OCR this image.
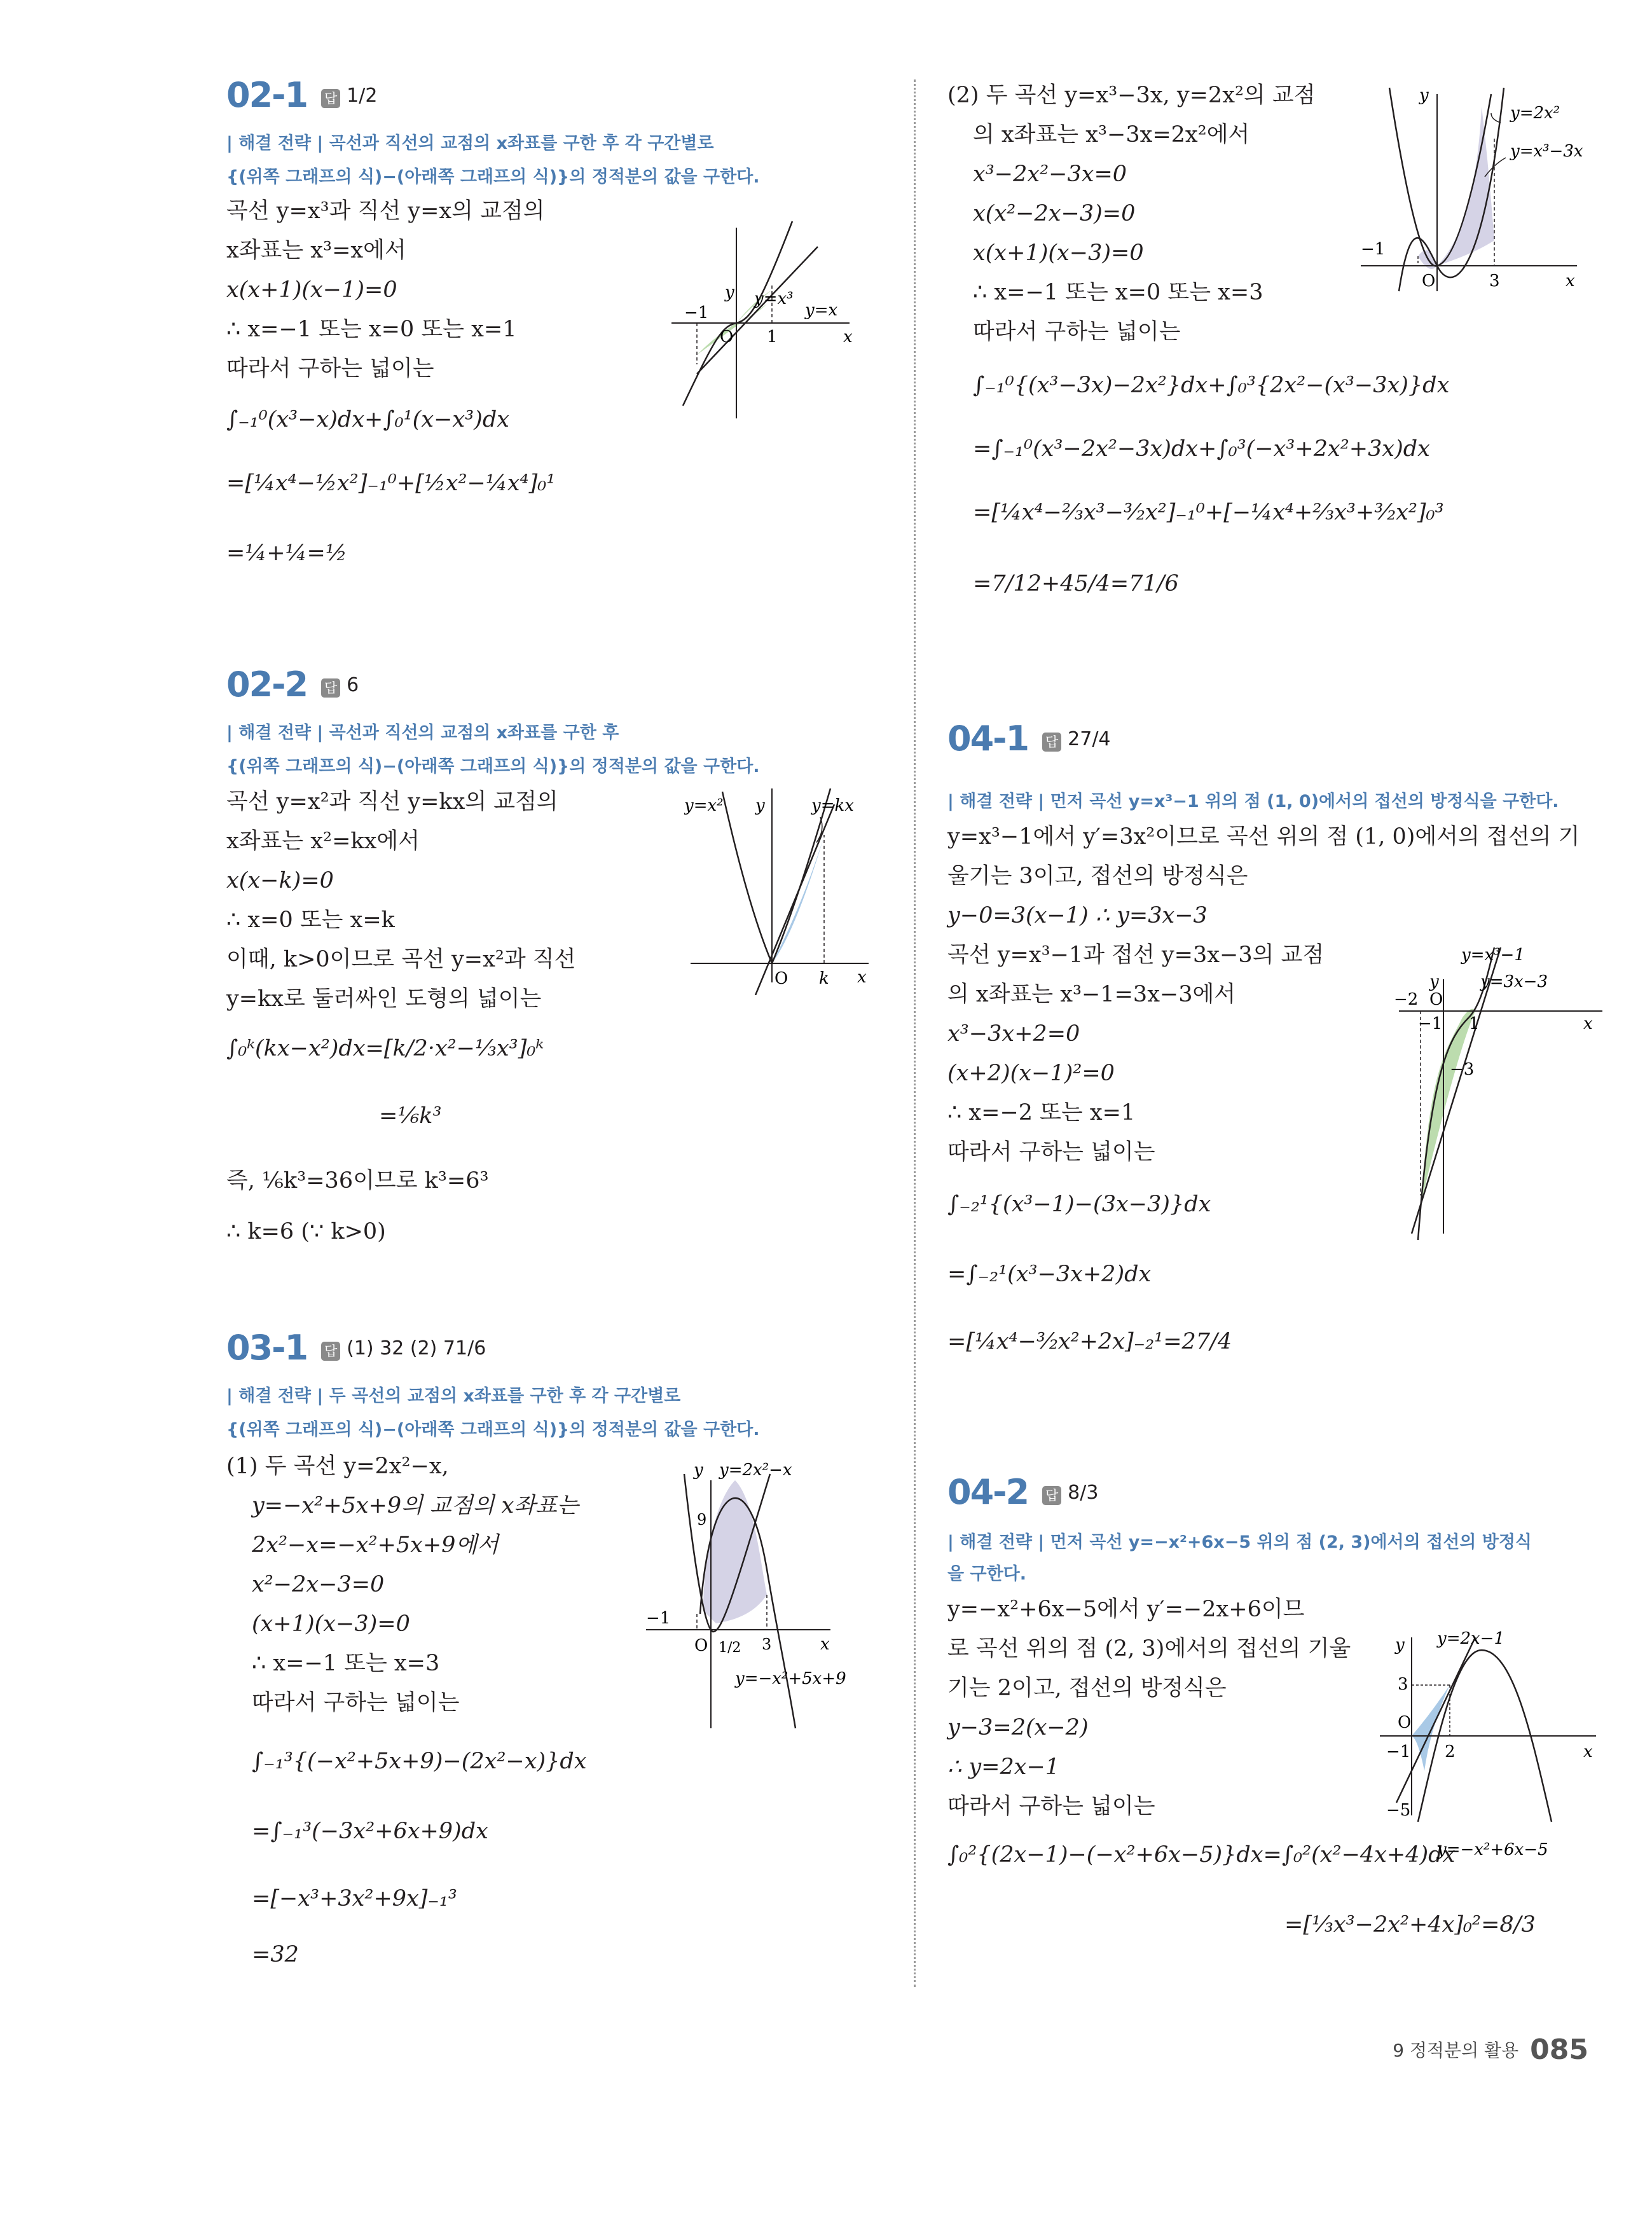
02-1 답 1/2
| 해결 전략 | 곡선과 직선의 교점의 x좌표를 구한 후 각 구간별로
{(위쪽 그래프의 식)−(아래쪽 그래프의 식)}의 정적분의 값을 구한다.
곡선 y=x³과 직선 y=x의 교점의
x좌표는 x³=x에서
x(x+1)(x−1)=0
∴ x=−1 또는 x=0 또는 x=1
따라서 구하는 넓이는
∫₋₁⁰(x³−x)dx+∫₀¹(x−x³)dx
=[¼x⁴−½x²]₋₁⁰+[½x²−¼x⁴]₀¹
=¼+¼=½
y y=x³
y=x
−1
O 1	x
02-2 답 6
| 해결 전략 | 곡선과 직선의 교점의 x좌표를 구한 후
{(위쪽 그래프의 식)−(아래쪽 그래프의 식)}의 정적분의 값을 구한다.
곡선 y=x²과 직선 y=kx의 교점의
x좌표는 x²=kx에서
x(x−k)=0
∴ x=0 또는 x=k
이때, k>0이므로 곡선 y=x²과 직선
y=kx로 둘러싸인 도형의 넓이는
∫₀ᵏ(kx−x²)dx=[k/2·x²−⅓x³]₀ᵏ
=⅙k³
즉, ⅙k³=36이므로 k³=6³
∴ k=6 (∵ k>0)
y=x² y	y=kx
O k x
03-1 답 (1) 32 (2) 71/6
| 해결 전략 | 두 곡선의 교점의 x좌표를 구한 후 각 구간별로
{(위쪽 그래프의 식)−(아래쪽 그래프의 식)}의 정적분의 값을 구한다.
(1) 두 곡선 y=2x²−x,
y=−x²+5x+9의 교점의 x좌표는
2x²−x=−x²+5x+9에서
x²−2x−3=0
(x+1)(x−3)=0
∴ x=−1 또는 x=3
따라서 구하는 넓이는
∫₋₁³{(−x²+5x+9)−(2x²−x)}dx
=∫₋₁³(−3x²+6x+9)dx
=[−x³+3x²+9x]₋₁³
=32
y y=2x²−x
9
−1
O 1/2 3	x
y=−x²+5x+9
(2) 두 곡선 y=x³−3x, y=2x²의 교점
의 x좌표는 x³−3x=2x²에서
x³−2x²−3x=0
x(x²−2x−3)=0
x(x+1)(x−3)=0
∴ x=−1 또는 x=0 또는 x=3
따라서 구하는 넓이는
∫₋₁⁰{(x³−3x)−2x²}dx+∫₀³{2x²−(x³−3x)}dx
=∫₋₁⁰(x³−2x²−3x)dx+∫₀³(−x³+2x²+3x)dx
=[¼x⁴−⅔x³−³⁄₂x²]₋₁⁰+[−¼x⁴+⅔x³+³⁄₂x²]₀³
=7/12+45/4=71/6
y
y=2x²
y=x³−3x
−1
O	3	x
04-1 답 27/4
| 해결 전략 | 먼저 곡선 y=x³−1 위의 점 (1, 0)에서의 접선의 방정식을 구한다.
y=x³−1에서 y′=3x²이므로 곡선 위의 점 (1, 0)에서의 접선의 기
울기는 3이고, 접선의 방정식은
y−0=3(x−1) ∴ y=3x−3
곡선 y=x³−1과 접선 y=3x−3의 교점
의 x좌표는 x³−1=3x−3에서
x³−3x+2=0
(x+2)(x−1)²=0
∴ x=−2 또는 x=1
따라서 구하는 넓이는
∫₋₂¹{(x³−1)−(3x−3)}dx
=∫₋₂¹(x³−3x+2)dx
=[¼x⁴−³⁄₂x²+2x]₋₂¹=27/4
y=x³−1
y	y=3x−3
−2 O
−1 1	x
−3
04-2 답 8/3
| 해결 전략 | 먼저 곡선 y=−x²+6x−5 위의 점 (2, 3)에서의 접선의 방정식
을 구한다.
y=−x²+6x−5에서 y′=−2x+6이므
로 곡선 위의 점 (2, 3)에서의 접선의 기울
기는 2이고, 접선의 방정식은
y−3=2(x−2)
∴ y=2x−1
따라서 구하는 넓이는
∫₀²{(2x−1)−(−x²+6x−5)}dx=∫₀²(x²−4x+4)dx
=[⅓x³−2x²+4x]₀²=8/3
y y=2x−1
3
O
−1 2	x
−5
y=−x²+6x−5
9 정적분의 활용 085
